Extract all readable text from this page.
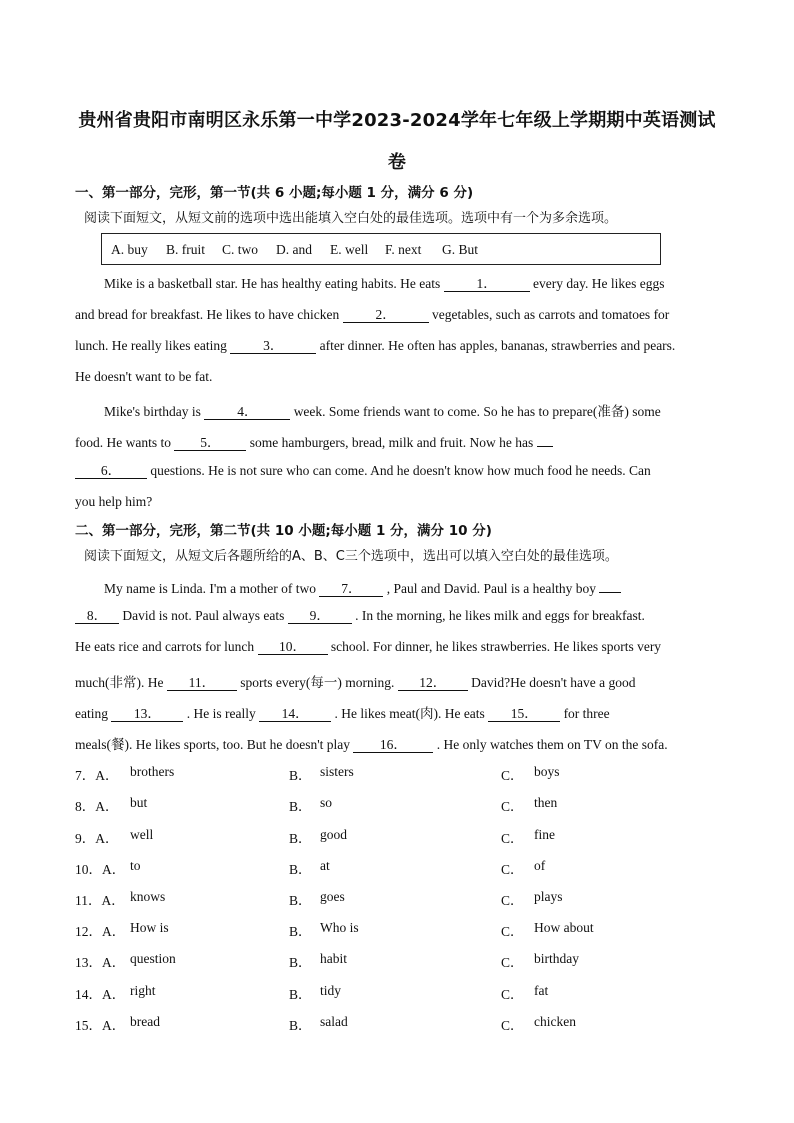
贵州省贵阳市南明区永乐第一中学2023-2024学年七年级上学期期中英语测试
卷
一、第一部分，完形，第一节(共 6 小题;每小题 1 分，满分 6 分)
阅读下面短文，从短文前的选项中选出能填入空白处的最佳选项。选项中有一个为多余选项。
A. buy B. fruit C. two D. and E. well F. next G. But
Mike is a basketball star. He has healthy eating habits. He eats	1．	every day. He likes eggs
and bread for breakfast. He likes to have chicken	2．	vegetables, such as carrots and tomatoes for
lunch. He really likes eating	3．	after dinner. He often has apples, bananas, strawberries and pears.
He doesn't want to be fat.
Mike's birthday is	4．	week. Some friends want to come. So he has to prepare(准备) some
food. He wants to 5． some hamburgers, bread, milk and fruit. Now he has
6． questions. He is not sure who can come. And he doesn't know how much food he needs. Can
you help him?
二、第一部分，完形，第二节(共 10 小题;每小题 1 分，满分 10 分)
阅读下面短文，从短文后各题所给的A、B、C三个选项中，选出可以填入空白处的最佳选项。
My name is Linda. I'm a mother of two 7． , Paul and David. Paul is a healthy boy
8． David is not. Paul always eats 9． . In the morning, he likes milk and eggs for breakfast.
He eats rice and carrots for lunch 10． school. For dinner, he likes strawberries. He likes sports very
much(非常). He 11． sports every(每一) morning. 12． David?He doesn't have a good
eating 13． . He is really 14． . He likes meat(肉). He eats 15． for three
meals(餐). He likes sports, too. But he doesn't play 16． . He only watches them on TV on the sofa.
7．A． brothers	B． sisters	C． boys
8．A． but	B． so	C． then
9．A． well	B． good	C． fine
10．A． to	B． at	C． of
11．A． knows	B． goes	C． plays
12．A． How is	B． Who is	C． How about
13．A． question	B． habit	C． birthday
14．A． right	B． tidy	C． fat
15．A． bread	B． salad	C． chicken
